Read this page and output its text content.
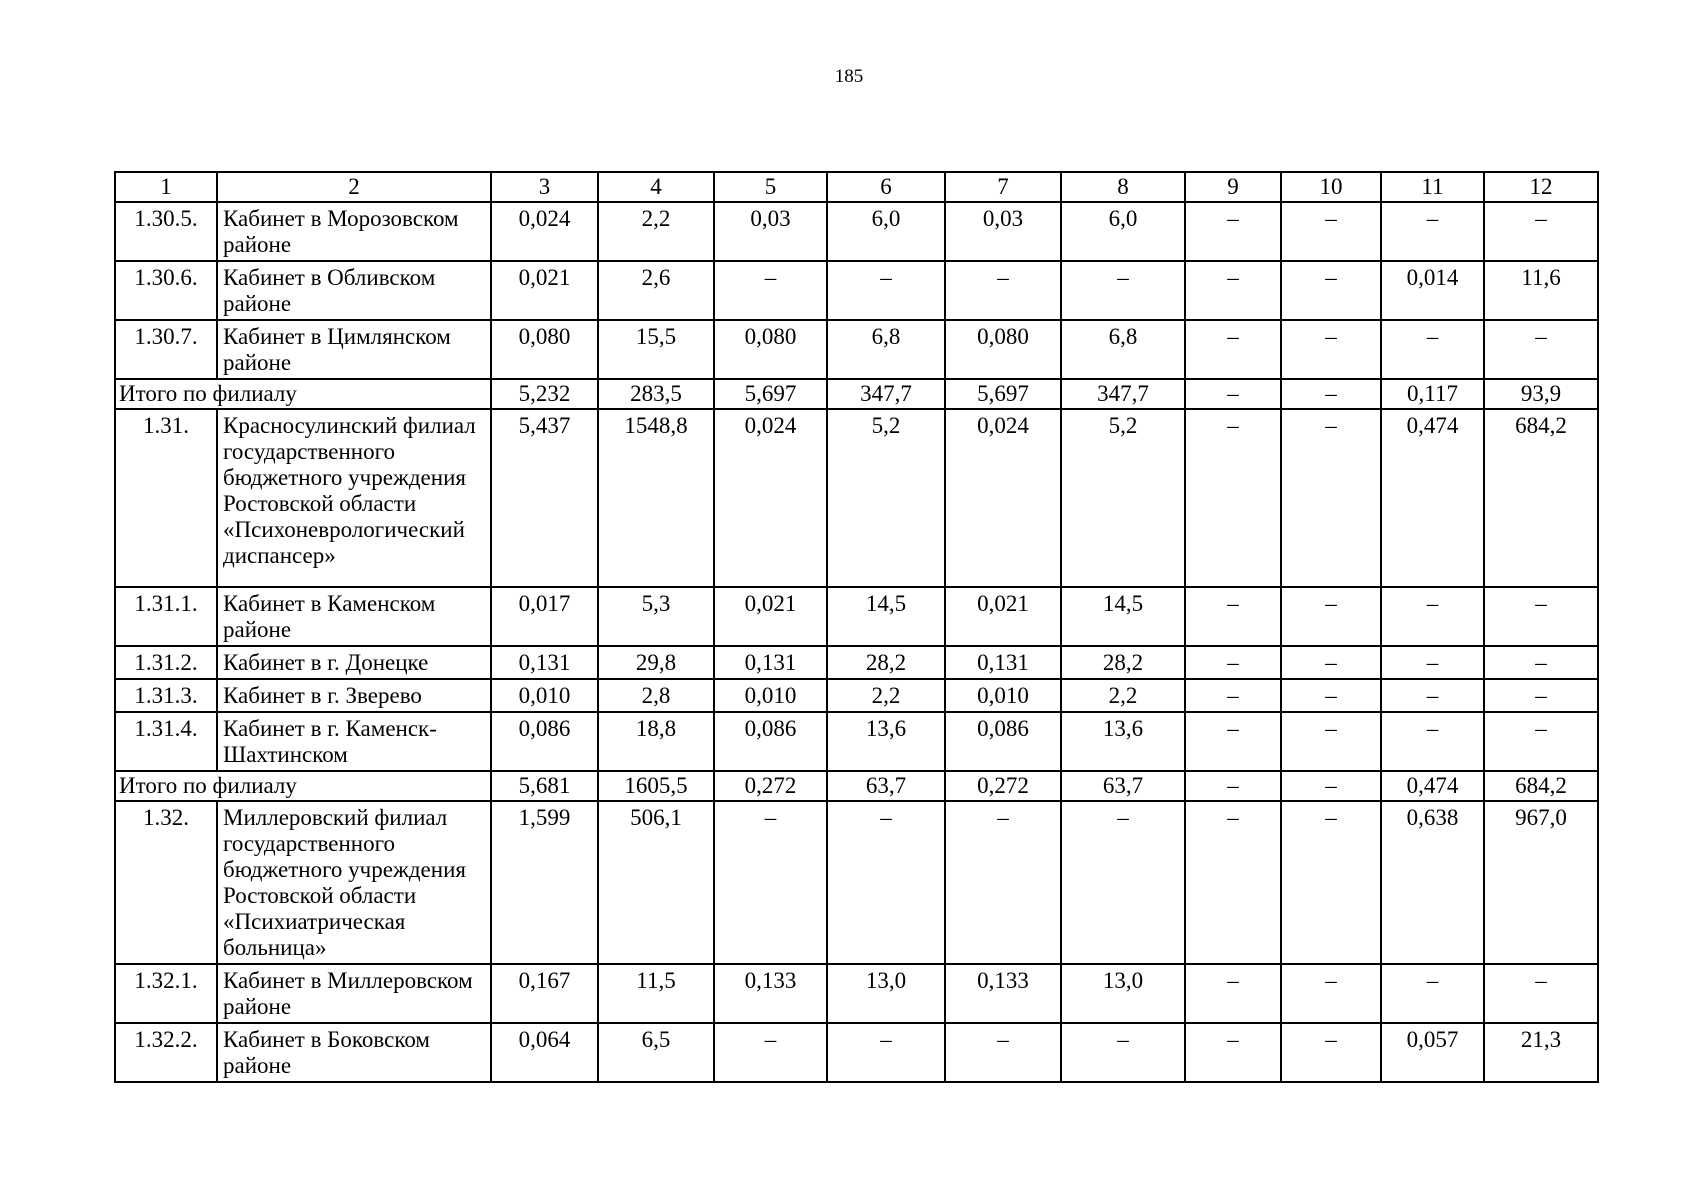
185
1	2	3	4	5	6	7	8	9	10	11	12
1.30.5.	Кабинет в Морозовском районе	0,024	2,2	0,03	6,0	0,03	6,0	–	–	–	–
1.30.6.	Кабинет в Обливском районе	0,021	2,6	–	–	–	–	–	–	0,014	11,6
1.30.7.	Кабинет в Цимлянском районе	0,080	15,5	0,080	6,8	0,080	6,8	–	–	–	–
Итого по филиалу		5,232	283,5	5,697	347,7	5,697	347,7	–	–	0,117	93,9
1.31.	Красносулинский филиал государственного бюджетного учреждения Ростовской области «Психоневрологический диспансер»	5,437	1548,8	0,024	5,2	0,024	5,2	–	–	0,474	684,2
1.31.1.	Кабинет в Каменском районе	0,017	5,3	0,021	14,5	0,021	14,5	–	–	–	–
1.31.2.	Кабинет в г. Донецке	0,131	29,8	0,131	28,2	0,131	28,2	–	–	–	–
1.31.3.	Кабинет в г. Зверево	0,010	2,8	0,010	2,2	0,010	2,2	–	–	–	–
1.31.4.	Кабинет в г. Каменск-Шахтинском	0,086	18,8	0,086	13,6	0,086	13,6	–	–	–	–
Итого по филиалу		5,681	1605,5	0,272	63,7	0,272	63,7	–	–	0,474	684,2
1.32.	Миллеровский филиал государственного бюджетного учреждения Ростовской области «Психиатрическая больница»	1,599	506,1	–	–	–	–	–	–	0,638	967,0
1.32.1.	Кабинет в Миллеровском районе	0,167	11,5	0,133	13,0	0,133	13,0	–	–	–	–
1.32.2.	Кабинет в Боковском районе	0,064	6,5	–	–	–	–	–	–	0,057	21,3
